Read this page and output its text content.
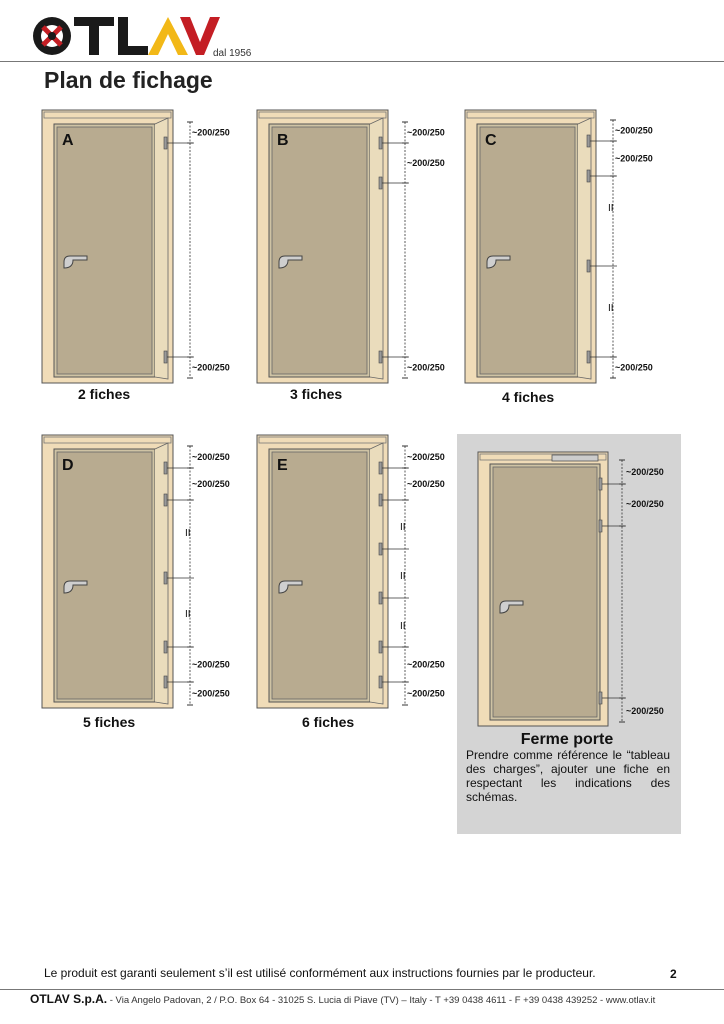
dal 1956
Plan de fichage
A	~200/250
~200/250
B	~200/250
~200/250
~200/250
C
~200/250
~200/250
~200/250
II
II
D	~200/250
~200/250
~200/250
~200/250
II
II
E	~200/250
~200/250
~200/250
~200/250
II
II
II
~200/250
~200/250
~200/250
2 fiches	3 fiches	4 fiches
5 fiches	6 fiches
Ferme porte
Prendre comme référence le “tableau des charges”, ajouter une fiche en respectant les indications des schémas.
Le produit est garanti seulement s’il est utilisé conformément aux instructions fournies par le producteur.	2
OTLAV S.p.A. - Via Angelo Padovan, 2 / P.O. Box 64 - 31025 S. Lucia di Piave (TV) – Italy - T +39 0438 4611 - F +39 0438 439252 - www.otlav.it
